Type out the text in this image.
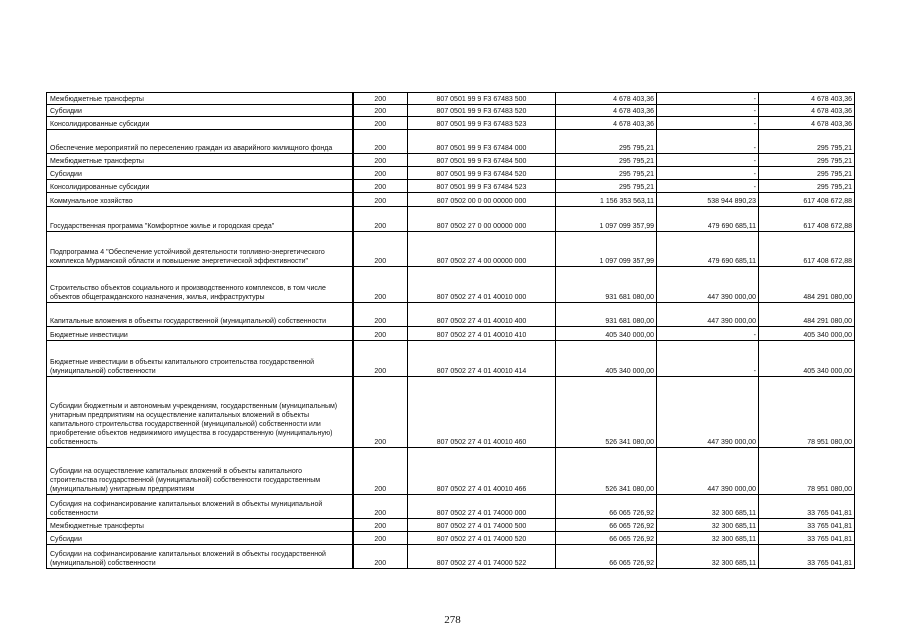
Межбюджетные трансферты	200	807 0501 99 9 F3 67483 500	4 678 403,36	-	4 678 403,36
Субсидии	200	807 0501 99 9 F3 67483 520	4 678 403,36	-	4 678 403,36
Консолидированные субсидии	200	807 0501 99 9 F3 67483 523	4 678 403,36	-	4 678 403,36
Обеспечение мероприятий по переселению граждан из аварийного жилищного фонда	200	807 0501 99 9 F3 67484 000	295 795,21	-	295 795,21
Межбюджетные трансферты	200	807 0501 99 9 F3 67484 500	295 795,21	-	295 795,21
Субсидии	200	807 0501 99 9 F3 67484 520	295 795,21	-	295 795,21
Консолидированные субсидии	200	807 0501 99 9 F3 67484 523	295 795,21	-	295 795,21
Коммунальное хозяйство	200	807 0502 00 0 00 00000 000	1 156 353 563,11	538 944 890,23	617 408 672,88
Государственная программа "Комфортное жилье и городская среда"	200	807 0502 27 0 00 00000 000	1 097 099 357,99	479 690 685,11	617 408 672,88
Подпрограмма 4 "Обеспечение устойчивой деятельности топливно-энергетического комплекса Мурманской области и повышение энергетической эффективности"	200	807 0502 27 4 00 00000 000	1 097 099 357,99	479 690 685,11	617 408 672,88
Строительство объектов социального и производственного комплексов, в том числе объектов общегражданского назначения, жилья, инфраструктуры	200	807 0502 27 4 01 40010 000	931 681 080,00	447 390 000,00	484 291 080,00
Капитальные вложения в объекты государственной (муниципальной) собственности	200	807 0502 27 4 01 40010 400	931 681 080,00	447 390 000,00	484 291 080,00
Бюджетные инвестиции	200	807 0502 27 4 01 40010 410	405 340 000,00	-	405 340 000,00
Бюджетные инвестиции в объекты капитального строительства государственной (муниципальной) собственности	200	807 0502 27 4 01 40010 414	405 340 000,00	-	405 340 000,00
Субсидии бюджетным и автономным учреждениям, государственным (муниципальным) унитарным предприятиям на осуществление капитальных вложений в объекты капитального строительства государственной (муниципальной) собственности или приобретение объектов недвижимого имущества в государственную (муниципальную) собственность	200	807 0502 27 4 01 40010 460	526 341 080,00	447 390 000,00	78 951 080,00
Субсидии на осуществление капитальных вложений в объекты капитального строительства государственной (муниципальной) собственности государственным (муниципальным) унитарным предприятиям	200	807 0502 27 4 01 40010 466	526 341 080,00	447 390 000,00	78 951 080,00
Субсидия на софинансирование капитальных вложений в объекты муниципальной собственности	200	807 0502 27 4 01 74000 000	66 065 726,92	32 300 685,11	33 765 041,81
Межбюджетные трансферты	200	807 0502 27 4 01 74000 500	66 065 726,92	32 300 685,11	33 765 041,81
Субсидии	200	807 0502 27 4 01 74000 520	66 065 726,92	32 300 685,11	33 765 041,81
Субсидии на софинансирование капитальных вложений в объекты государственной (муниципальной) собственности	200	807 0502 27 4 01 74000 522	66 065 726,92	32 300 685,11	33 765 041,81
278
